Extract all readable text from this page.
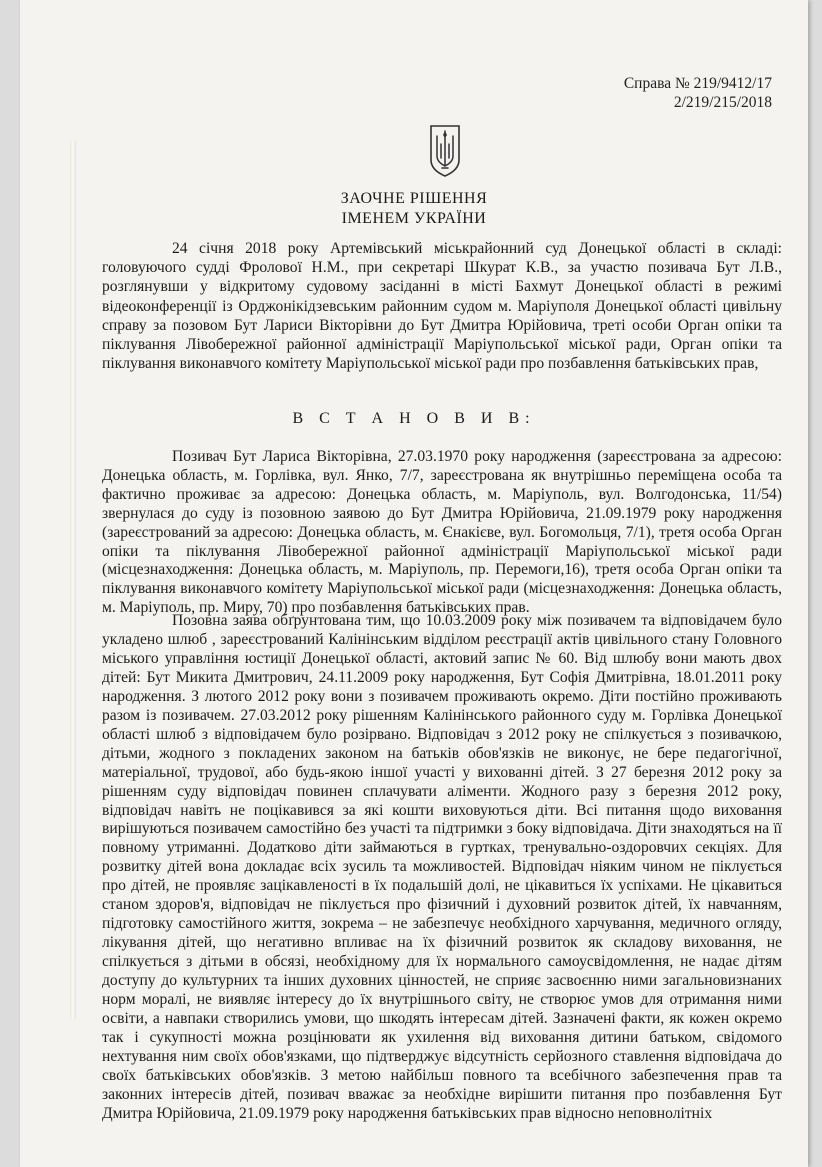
Справа № 219/9412/17
2/219/215/2018
ЗАОЧНЕ РІШЕННЯ
ІМЕНЕМ УКРАЇНИ

24 січня 2018 року Артемівський міськрайонний суд Донецької області в складі: головуючого судді Фролової Н.М., при секретарі Шкурат К.В., за участю позивача Бут Л.В., розглянувши у відкритому судовому засіданні в місті Бахмут Донецької області в режимі відеоконференції із Орджонікідзевським районним судом м. Маріуполя Донецької області цивільну справу за позовом Бут Лариси Вікторівни до Бут Дмитра Юрійовича, треті особи Орган опіки та піклування Лівобережної районної адміністрації Маріупольської міської ради, Орган опіки та піклування виконавчого комітету Маріупольської міської ради про позбавлення батьківських прав,

В С Т А Н О В И В:

Позивач Бут Лариса Вікторівна, 27.03.1970 року народження (зареєстрована за адресою: Донецька область, м. Горлівка, вул. Янко, 7/7, зареєстрована як внутрішньо переміщена особа та фактично проживає за адресою: Донецька область, м. Маріуполь, вул. Волгодонська, 11/54) звернулася до суду із позовною заявою до Бут Дмитра Юрійовича, 21.09.1979 року народження (зареєстрований за адресою: Донецька область, м. Єнакієве, вул. Богомольця, 7/1), третя особа Орган опіки та піклування Лівобережної районної адміністрації Маріупольської міської ради (місцезнаходження: Донецька область, м. Маріуполь, пр. Перемоги,16), третя особа Орган опіки та піклування виконавчого комітету Маріупольської міської ради (місцезнаходження: Донецька область, м. Маріуполь, пр. Миру, 70) про позбавлення батьківських прав.

Позовна заява обґрунтована тим, що 10.03.2009 року між позивачем та відповідачем було укладено шлюб , зареєстрований Калінінським відділом реєстрації актів цивільного стану Головного міського управління юстиції Донецької області, актовий запис № 60. Від шлюбу вони мають двох дітей: Бут Микита Дмитрович, 24.11.2009 року народження, Бут Софія Дмитрівна, 18.01.2011 року народження. З лютого 2012 року вони з позивачем проживають окремо. Діти постійно проживають разом із позивачем. 27.03.2012 року рішенням Калінінського районного суду м. Горлівка Донецької області шлюб з відповідачем було розірвано. Відповідач з 2012 року не спілкується з позивачкою, дітьми, жодного з покладених законом на батьків обов'язків не виконує, не бере педагогічної, матеріальної, трудової, або будь-якою іншої участі у вихованні дітей. З 27 березня 2012 року за рішенням суду відповідач повинен сплачувати аліменти. Жодного разу з березня 2012 року, відповідач навіть не поцікавився за які кошти виховуються діти. Всі питання щодо виховання вирішуються позивачем самостійно без участі та підтримки з боку відповідача. Діти знаходяться на її повному утриманні. Додатково діти займаються в гуртках, тренувально-оздоровчих секціях. Для розвитку дітей вона докладає всіх зусиль та можливостей. Відповідач ніяким чином не піклується про дітей, не проявляє зацікавленості в їх подальшій долі, не цікавиться їх успіхами. Не цікавиться станом здоров'я, відповідач не піклується про фізичний і духовний розвиток дітей, їх навчанням, підготовку самостійного життя, зокрема – не забезпечує необхідного харчування, медичного огляду, лікування дітей, що негативно впливає на їх фізичний розвиток як складову виховання, не спілкується з дітьми в обсязі, необхідному для їх нормального самоусвідомлення, не надає дітям доступу до культурних та інших духовних цінностей, не сприяє засвоєнню ними загальновизнаних норм моралі, не виявляє інтересу до їх внутрішнього світу, не створює умов для отримання ними освіти, а навпаки створились умови, що шкодять інтересам дітей. Зазначені факти, як кожен окремо так і сукупності можна розцінювати як ухилення від виховання дитини батьком, свідомого нехтування ним своїх обов'язками, що підтверджує відсутність серйозного ставлення відповідача до своїх батьківських обов'язків. З метою найбільш повного та всебічного забезпечення прав та законних інтересів дітей, позивач вважає за необхідне вирішити питання про позбавлення Бут Дмитра Юрійовича, 21.09.1979 року народження батьківських прав відносно неповнолітніх
